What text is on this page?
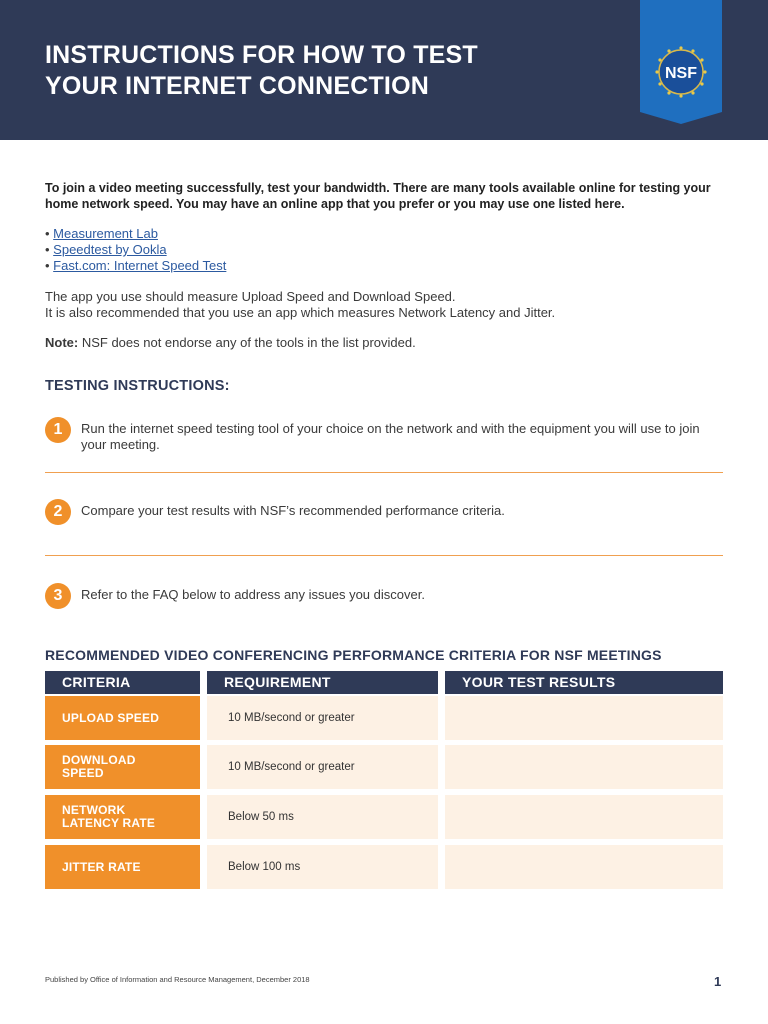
INSTRUCTIONS FOR HOW TO TEST
YOUR INTERNET CONNECTION	NSF
To join a video meeting successfully, test your bandwidth. There are many tools available online for testing your home network speed. You may have an online app that you prefer or you may use one listed here.
• Measurement Lab
• Speedtest by Ookla
• Fast.com: Internet Speed Test
The app you use should measure Upload Speed and Download Speed.
It is also recommended that you use an app which measures Network Latency and Jitter.
Note: NSF does not endorse any of the tools in the list provided.
TESTING INSTRUCTIONS:
1	Run the internet speed testing tool of your choice on the network and with the equipment you will use to join your meeting.
2	Compare your test results with NSF’s recommended performance criteria.
3	Refer to the FAQ below to address any issues you discover.
RECOMMENDED VIDEO CONFERENCING PERFORMANCE CRITERIA FOR NSF MEETINGS
CRITERIA	REQUIREMENT	YOUR TEST RESULTS
UPLOAD SPEED	10 MB/second or greater
DOWNLOAD SPEED	10 MB/second or greater
NETWORK LATENCY RATE	Below 50 ms
JITTER RATE	Below 100 ms
Published by Office of Information and Resource Management, December 2018	1
